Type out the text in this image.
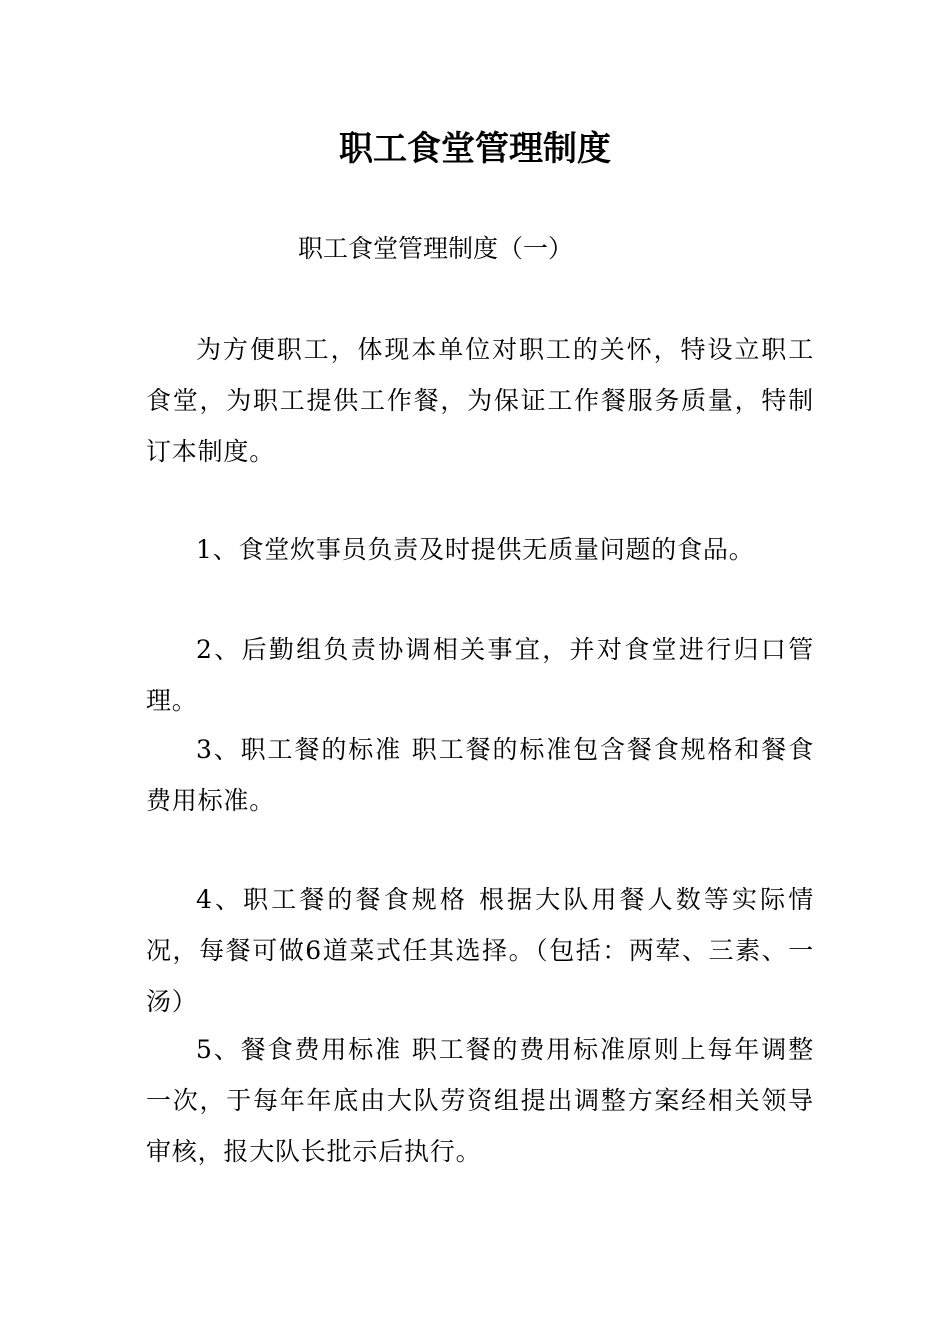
职工食堂管理制度
职工食堂管理制度（一）

为方便职工，体现本单位对职工的关怀，特设立职工食堂，为职工提供工作餐，为保证工作餐服务质量，特制订本制度。

1、食堂炊事员负责及时提供无质量问题的食品。

2、后勤组负责协调相关事宜，并对食堂进行归口管理。

3、职工餐的标准 职工餐的标准包含餐食规格和餐食费用标准。

4、职工餐的餐食规格 根据大队用餐人数等实际情况，每餐可做6道菜式任其选择。（包括：两荤、三素、一汤）

5、餐食费用标准 职工餐的费用标准原则上每年调整一次，于每年年底由大队劳资组提出调整方案经相关领导审核，报大队长批示后执行。
